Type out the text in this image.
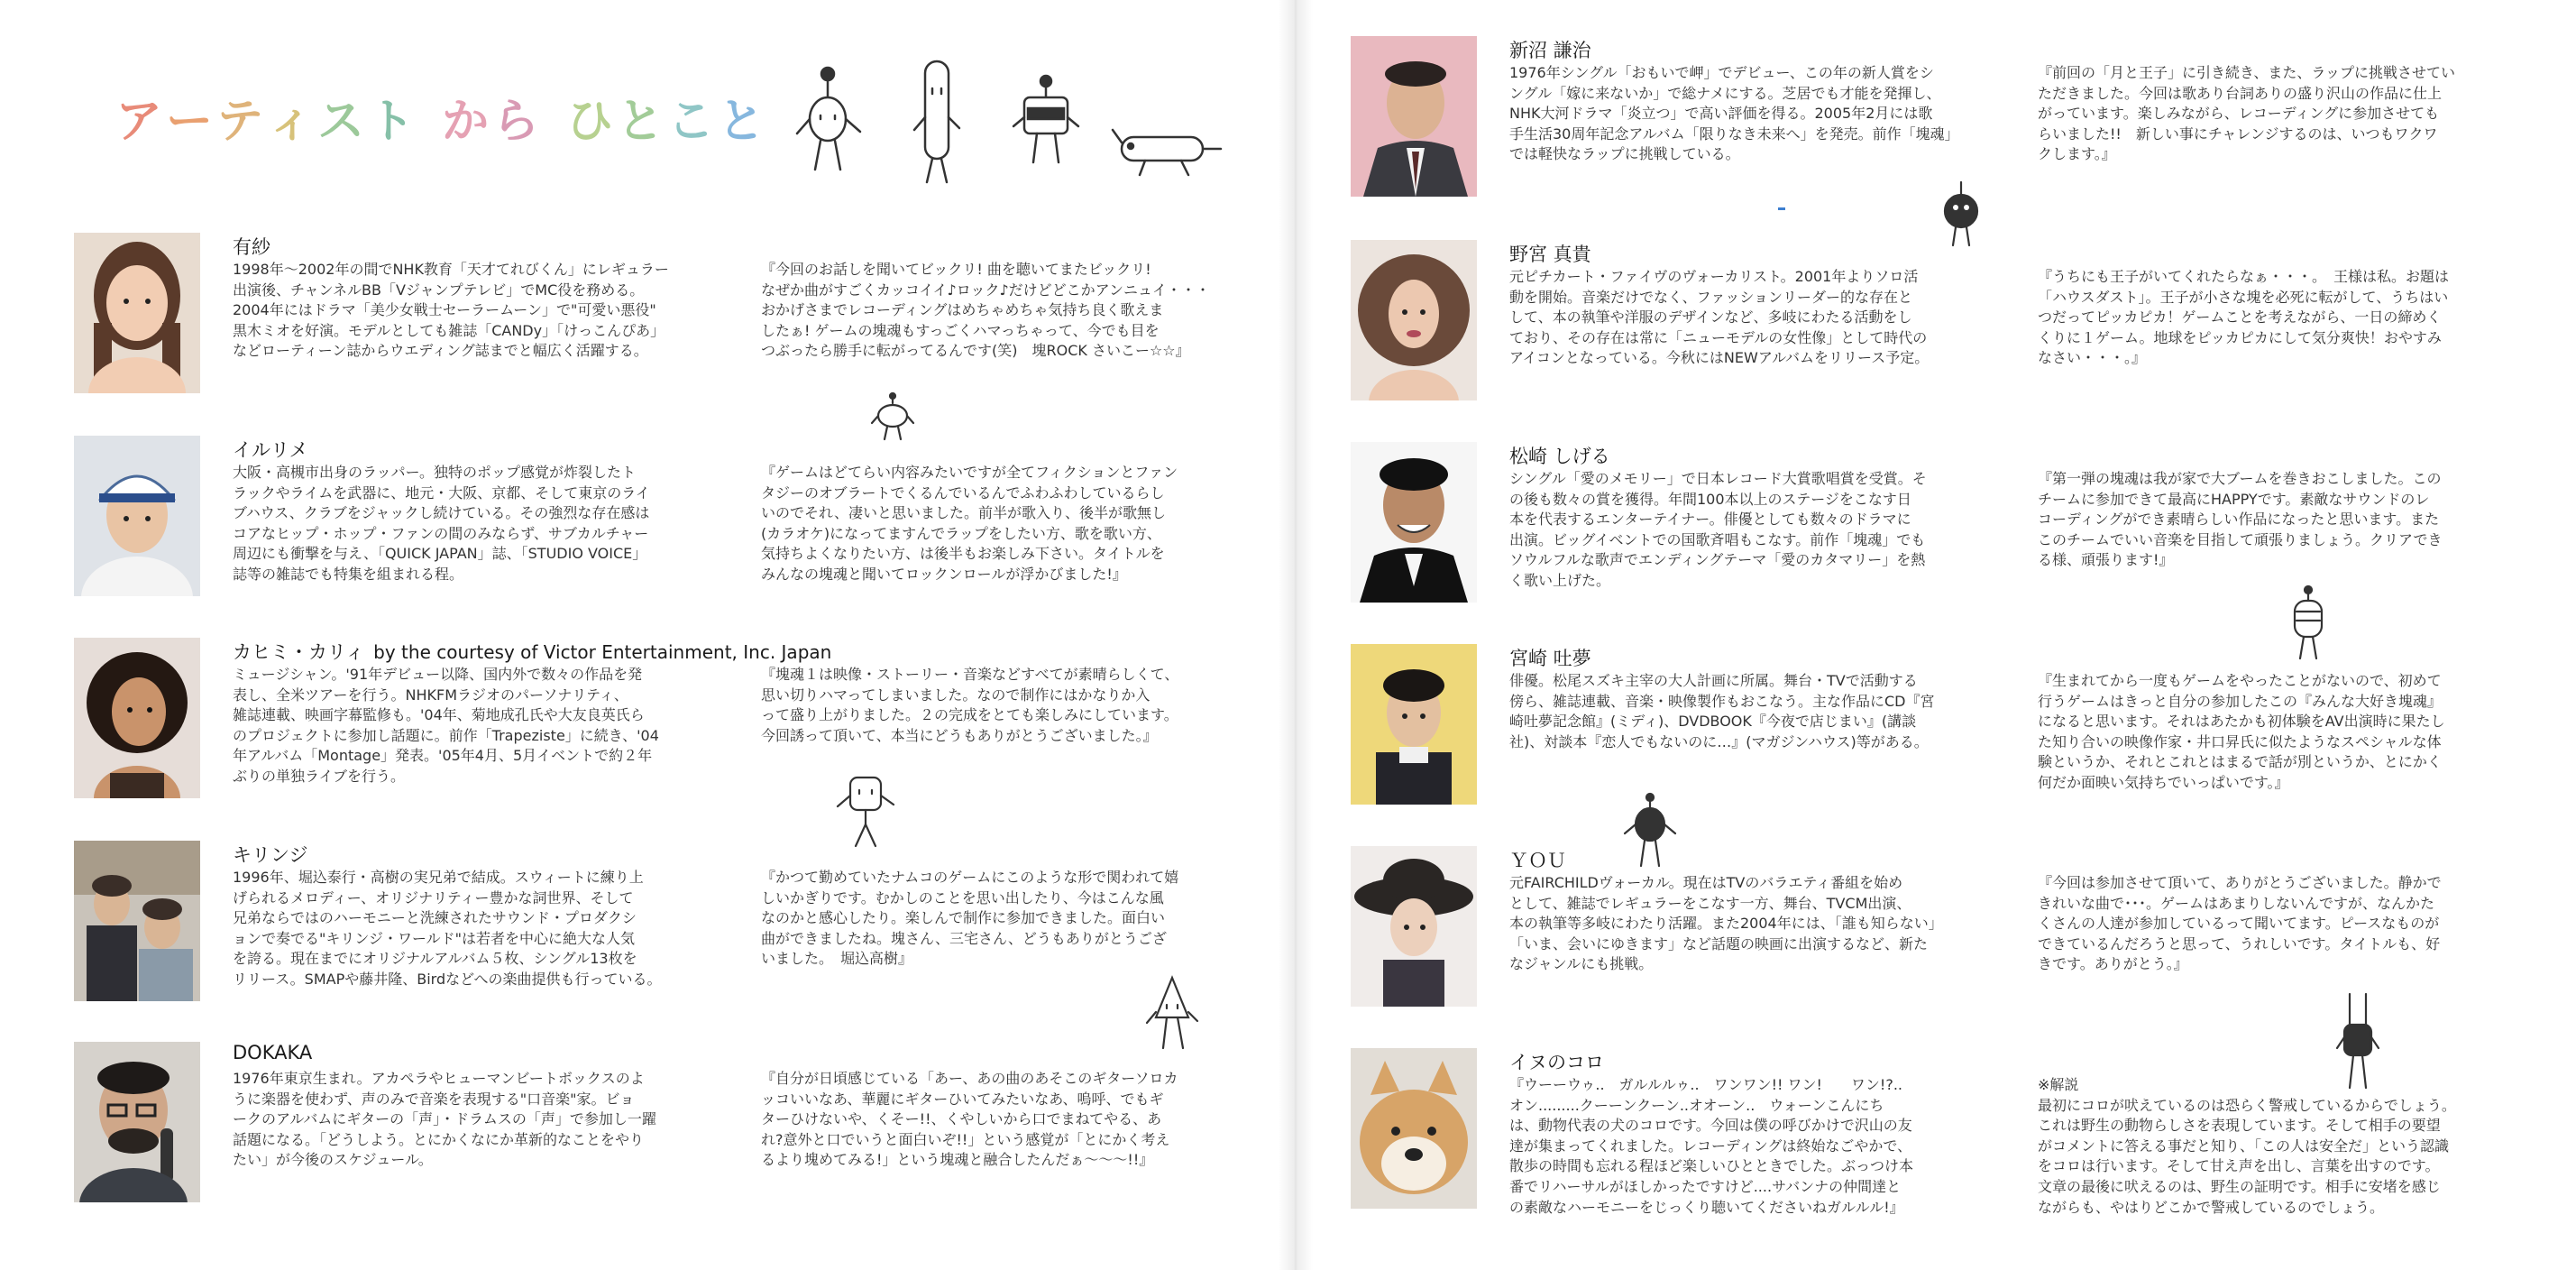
アーティスト から ひとこと
有紗
1998年〜2002年の間でNHK教育「天才てれびくん」にレギュラー
出演後、チャンネルBB「Vジャンプテレビ」でMC役を務める。
2004年にはドラマ「美少女戦士セーラームーン」で"可愛い悪役"
黒木ミオを好演。モデルとしても雑誌「CANDy」「けっこんぴあ」
などローティーン誌からウエディング誌までと幅広く活躍する。
『今回のお話しを聞いてビックリ! 曲を聴いてまたビックリ!
なぜか曲がすごくカッコイイ♪ロック♪だけどどこかアンニュイ・・・
おかげさまでレコーディングはめちゃめちゃ気持ち良く歌えま
したぁ! ゲームの塊魂もすっごくハマっちゃって、今でも目を
つぶったら勝手に転がってるんです(笑)　塊ROCK さいこー☆☆』
イルリメ
大阪・高槻市出身のラッパー。独特のポップ感覚が炸裂したト
ラックやライムを武器に、地元・大阪、京都、そして東京のライ
ブハウス、クラブをジャックし続けている。その強烈な存在感は
コアなヒップ・ホップ・ファンの間のみならず、サブカルチャー
周辺にも衝撃を与え、「QUICK JAPAN」誌、「STUDIO VOICE」
誌等の雑誌でも特集を組まれる程。
『ゲームはどてらい内容みたいですが全てフィクションとファン
タジーのオブラートでくるんでいるんでふわふわしているらし
いのでそれ、凄いと思いました。前半が歌入り、後半が歌無し
(カラオケ)になってますんでラップをしたい方、歌を歌い方、
気持ちよくなりたい方、は後半もお楽しみ下さい。タイトルを
みんなの塊魂と聞いてロックンロールが浮かびました!』
カヒミ・カリィ by the courtesy of Victor Entertainment, Inc. Japan
ミュージシャン。'91年デビュー以降、国内外で数々の作品を発
表し、全米ツアーを行う。NHKFMラジオのパーソナリティ、
雑誌連載、映画字幕監修も。'04年、菊地成孔氏や大友良英氏ら
のプロジェクトに参加し話題に。前作「Trapeziste」に続き、'04
年アルバム「Montage」発表。'05年4月、5月イベントで約２年
ぶりの単独ライブを行う。
『塊魂１は映像・ストーリー・音楽などすべてが素晴らしくて、
思い切りハマってしまいました。なので制作にはかなりか入
って盛り上がりました。２の完成をとても楽しみにしています。
今回誘って頂いて、本当にどうもありがとうございました。』
キリンジ
1996年、堀込泰行・高樹の実兄弟で結成。スウィートに練り上
げられるメロディー、オリジナリティー豊かな詞世界、そして
兄弟ならではのハーモニーと洗練されたサウンド・プロダクシ
ョンで奏でる"キリンジ・ワールド"は若者を中心に絶大な人気
を誇る。現在までにオリジナルアルバム５枚、シングル13枚を
リリース。SMAPや藤井隆、Birdなどへの楽曲提供も行っている。
『かつて勤めていたナムコのゲームにこのような形で関われて嬉
しいかぎりです。むかしのことを思い出したり、今はこんな風
なのかと感心したり。楽しんで制作に参加できました。面白い
曲ができましたね。塊さん、三宅さん、どうもありがとうござ
いました。　堀込高樹』
DOKAKA
1976年東京生まれ。アカペラやヒューマンビートボックスのよ
うに楽器を使わず、声のみで音楽を表現する"口音楽"家。ビョ
ークのアルバムにギターの「声」・ドラムスの「声」で参加し一躍
話題になる。「どうしよう。とにかくなにか革新的なことをやり
たい」が今後のスケジュール。
『自分が日頃感じている「あー、あの曲のあそこのギターソロカ
ッコいいなあ、華麗にギターひいてみたいなあ、嗚呼、でもギ
ターひけないや、くそー!!、くやしいから口でまねてやる、あ
れ?意外と口でいうと面白いぞ!!」という感覚が「とにかく考え
るより塊めてみる!」という塊魂と融合したんだぁ〜〜〜!!』
新沼 謙治
1976年シングル「おもいで岬」でデビュー、この年の新人賞をシ
ングル「嫁に来ないか」で総ナメにする。芝居でも才能を発揮し、
NHK大河ドラマ「炎立つ」で高い評価を得る。2005年2月には歌
手生活30周年記念アルバム「限りなき未来へ」を発売。前作「塊魂」
では軽快なラップに挑戦している。
『前回の「月と王子」に引き続き、また、ラップに挑戦させてい
ただきました。今回は歌あり台詞ありの盛り沢山の作品に仕上
がっています。楽しみながら、レコーディングに参加させても
らいました!!　新しい事にチャレンジするのは、いつもワクワ
クします。』
野宮 真貴
元ピチカート・ファイヴのヴォーカリスト。2001年よりソロ活
動を開始。音楽だけでなく、ファッションリーダー的な存在と
して、本の執筆や洋服のデザインなど、多岐にわたる活動をし
ており、その存在は常に「ニューモデルの女性像」として時代の
アイコンとなっている。今秋にはNEWアルバムをリリース予定。
『うちにも王子がいてくれたらなぁ・・・。　王様は私。お題は
「ハウスダスト」。王子が小さな塊を必死に転がして、うちはい
つだってピッカピカ！ゲームことを考えながら、一日の締めく
くりに１ゲーム。地球をピッカピカにして気分爽快！おやすみ
なさい・・・。』
松崎 しげる
シングル「愛のメモリー」で日本レコード大賞歌唱賞を受賞。そ
の後も数々の賞を獲得。年間100本以上のステージをこなす日
本を代表するエンターテイナー。俳優としても数々のドラマに
出演。ビッグイベントでの国歌斉唱もこなす。前作「塊魂」でも
ソウルフルな歌声でエンディングテーマ「愛のカタマリー」を熱
く歌い上げた。
『第一弾の塊魂は我が家で大ブームを巻きおこしました。この
チームに参加できて最高にHAPPYです。素敵なサウンドのレ
コーディングができ素晴らしい作品になったと思います。また
このチームでいい音楽を目指して頑張りましょう。クリアでき
る様、頑張ります!』
宮崎 吐夢
俳優。松尾スズキ主宰の大人計画に所属。舞台・TVで活動する
傍ら、雑誌連載、音楽・映像製作もおこなう。主な作品にCD『宮
崎吐夢記念館』(ミディ)、DVDBOOK『今夜で店じまい』(講談
社)、対談本『恋人でもないのに…』(マガジンハウス)等がある。
『生まれてから一度もゲームをやったことがないので、初めて
行うゲームはきっと自分の参加したこの『みんな大好き塊魂』
になると思います。それはあたかも初体験をAV出演時に果たし
た知り合いの映像作家・井口昇氏に似たようなスペシャルな体
験というか、それとこれとはまるで話が別というか、とにかく
何だか面映い気持ちでいっぱいです。』
ＹＯＵ
元FAIRCHILDヴォーカル。現在はTVのバラエティ番組を始め
として、雑誌でレギュラーをこなす一方、舞台、TVCM出演、
本の執筆等多岐にわたり活躍。また2004年には、「誰も知らない」
「いま、会いにゆきます」など話題の映画に出演するなど、新た
なジャンルにも挑戦。
『今回は参加させて頂いて、ありがとうございました。静かで
きれいな曲で･･･。ゲームはあまりしないんですが、なんかた
くさんの人達が参加しているって聞いてます。ピースなものが
できているんだろうと思って、うれしいです。タイトルも、好
きです。ありがとう。』
イヌのコロ
『ウーーウゥ..　ガルルルゥ..　ワンワン!! ワン!　　ワン!?..
オン.........クーーンクーン..オオーン..　ウォーンこんにち
は、動物代表の犬のコロです。今回は僕の呼びかけで沢山の友
達が集まってくれました。レコーディングは終始なごやかで、
散歩の時間も忘れる程ほど楽しいひとときでした。ぶっつけ本
番でリハーサルがほしかったですけど....サバンナの仲間達と
の素敵なハーモニーをじっくり聴いてくださいねガルルル!』
※解説
最初にコロが吠えているのは恐らく警戒しているからでしょう。
これは野生の動物らしさを表現しています。そして相手の要望
がコメントに答える事だと知り、「この人は安全だ」という認識
をコロは行います。そして甘え声を出し、言葉を出すのです。
文章の最後に吠えるのは、野生の証明です。相手に安堵を感じ
ながらも、やはりどこかで警戒しているのでしょう。
